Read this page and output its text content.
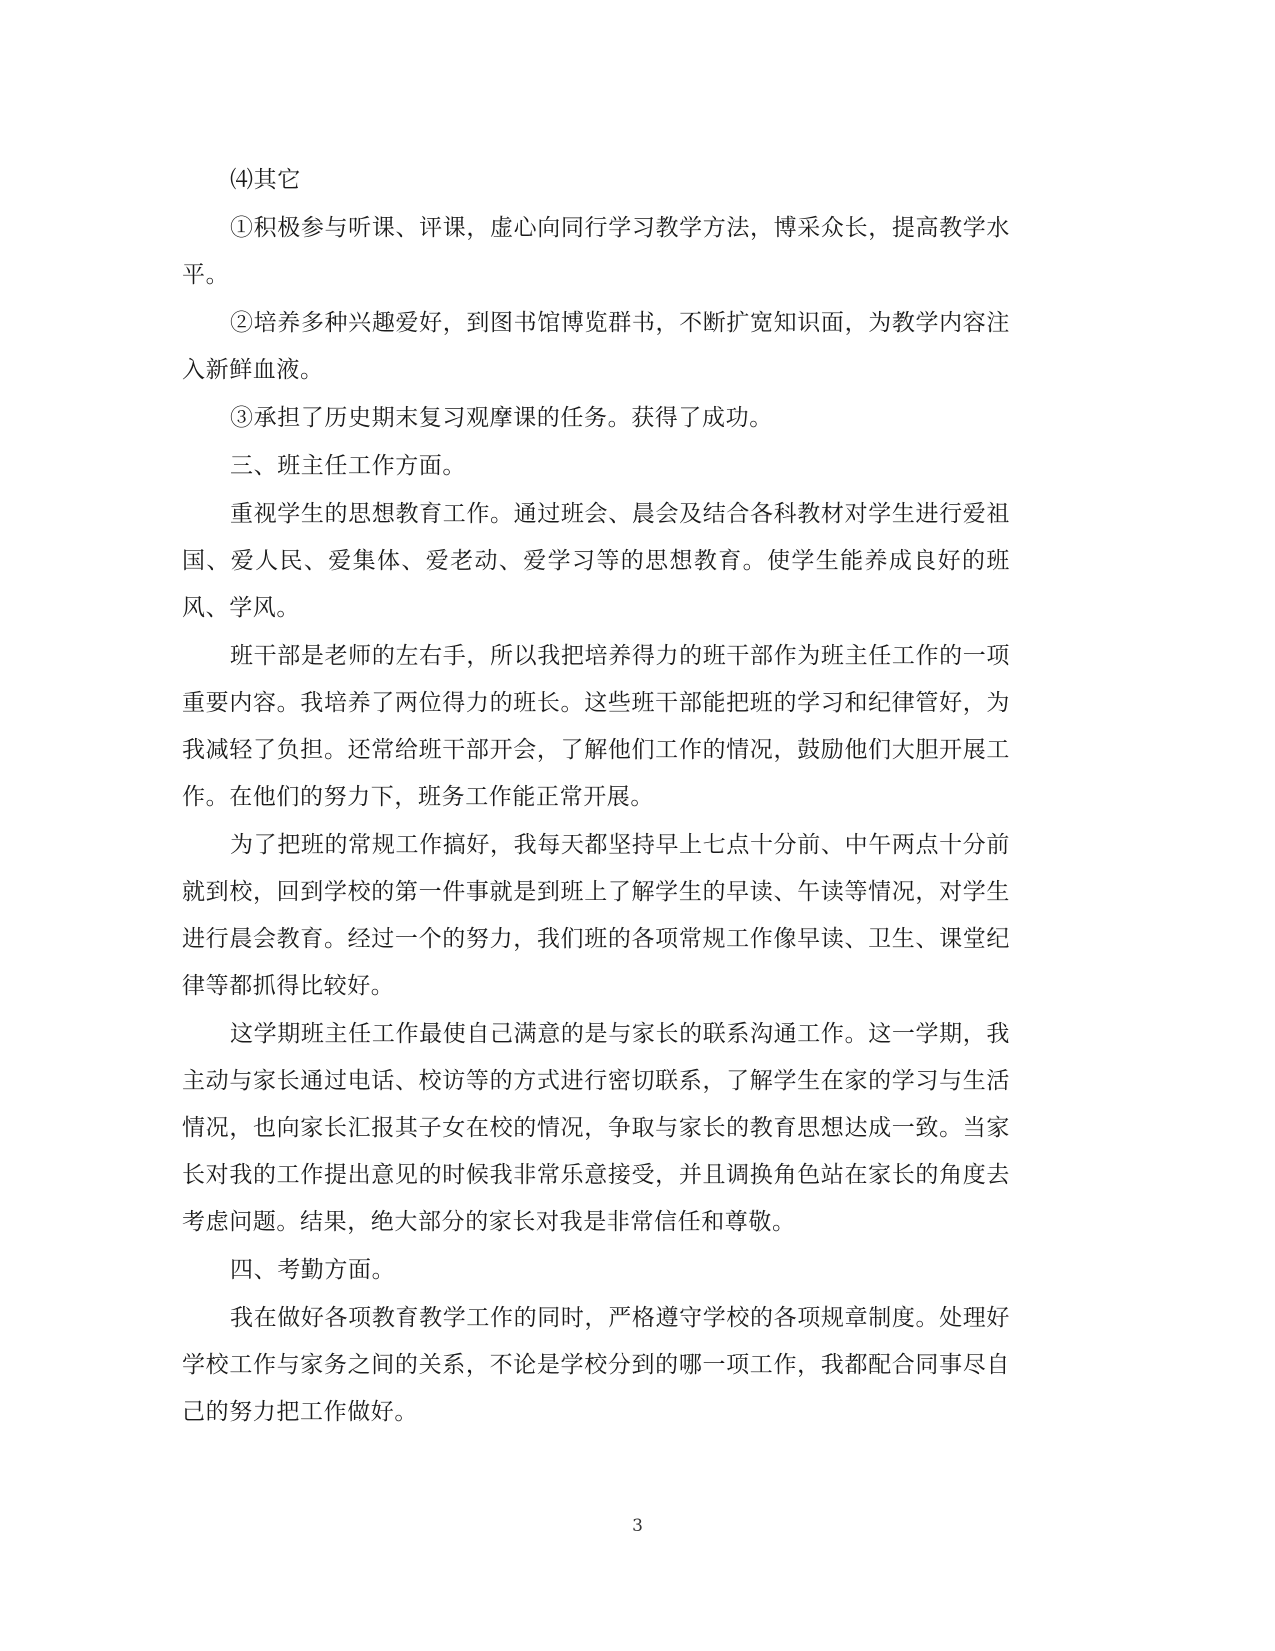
⑷其它

①积极参与听课、评课，虚心向同行学习教学方法，博采众长，提高教学水平。

②培养多种兴趣爱好，到图书馆博览群书，不断扩宽知识面，为教学内容注入新鲜血液。

③承担了历史期末复习观摩课的任务。获得了成功。

三、班主任工作方面。

重视学生的思想教育工作。通过班会、晨会及结合各科教材对学生进行爱祖国、爱人民、爱集体、爱老动、爱学习等的思想教育。使学生能养成良好的班风、学风。

班干部是老师的左右手，所以我把培养得力的班干部作为班主任工作的一项重要内容。我培养了两位得力的班长。这些班干部能把班的学习和纪律管好，为我减轻了负担。还常给班干部开会，了解他们工作的情况，鼓励他们大胆开展工作。在他们的努力下，班务工作能正常开展。

为了把班的常规工作搞好，我每天都坚持早上七点十分前、中午两点十分前就到校，回到学校的第一件事就是到班上了解学生的早读、午读等情况，对学生进行晨会教育。经过一个的努力，我们班的各项常规工作像早读、卫生、课堂纪律等都抓得比较好。

这学期班主任工作最使自己满意的是与家长的联系沟通工作。这一学期，我主动与家长通过电话、校访等的方式进行密切联系，了解学生在家的学习与生活情况，也向家长汇报其子女在校的情况，争取与家长的教育思想达成一致。当家长对我的工作提出意见的时候我非常乐意接受，并且调换角色站在家长的角度去考虑问题。结果，绝大部分的家长对我是非常信任和尊敬。

四、考勤方面。

我在做好各项教育教学工作的同时，严格遵守学校的各项规章制度。处理好学校工作与家务之间的关系，不论是学校分到的哪一项工作，我都配合同事尽自己的努力把工作做好。

3
